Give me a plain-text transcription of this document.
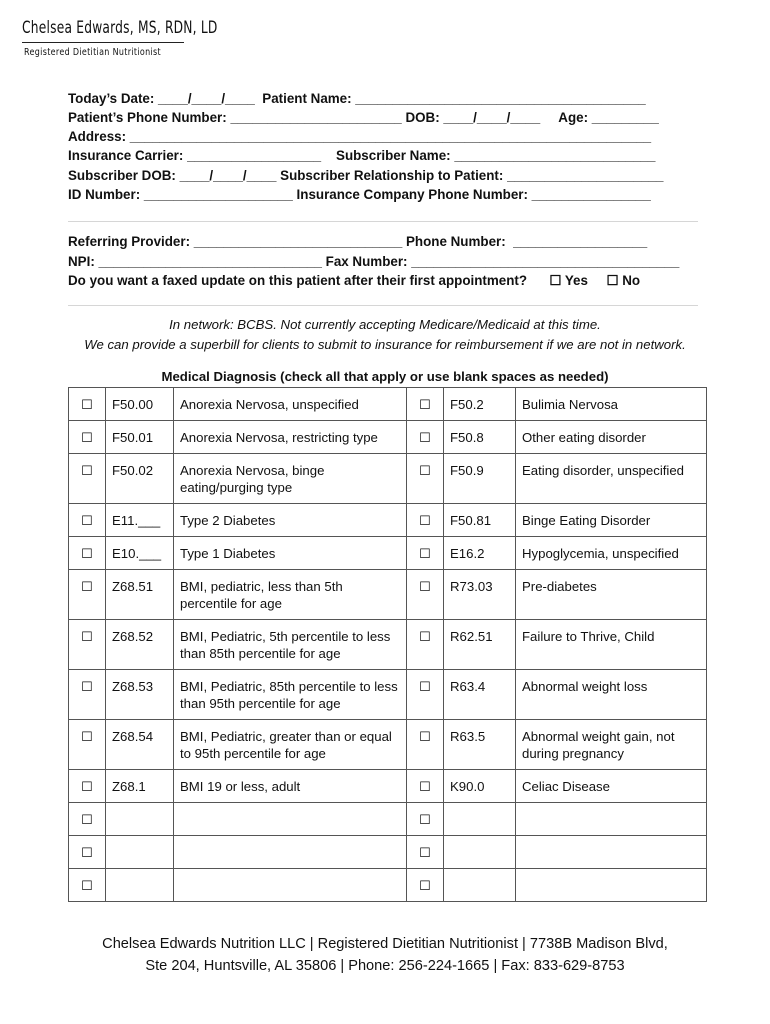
Chelsea Edwards, MS, RDN, LD
Registered Dietitian Nutritionist
Today’s Date: ____/____/____  Patient Name: _______________________________________
Patient’s Phone Number: _______________________ DOB: ____/____/____     Age: _________
Address: ______________________________________________________________________
Insurance Carrier: __________________    Subscriber Name: ___________________________
Subscriber DOB: ____/____/____ Subscriber Relationship to Patient: _____________________
ID Number: ____________________ Insurance Company Phone Number: ________________
Referring Provider: ____________________________ Phone Number:  __________________
NPI: ______________________________ Fax Number: ____________________________________
Do you want a faxed update on this patient after their first appointment?      ☐ Yes     ☐ No
In network: BCBS. Not currently accepting Medicare/Medicaid at this time.
We can provide a superbill for clients to submit to insurance for reimbursement if we are not in network.
Medical Diagnosis (check all that apply or use blank spaces as needed)
☐	F50.00	Anorexia Nervosa, unspecified	☐	F50.2	Bulimia Nervosa
☐	F50.01	Anorexia Nervosa, restricting type	☐	F50.8	Other eating disorder
☐	F50.02	Anorexia Nervosa, binge eating/purging type	☐	F50.9	Eating disorder, unspecified
☐	E11.___	Type 2 Diabetes	☐	F50.81	Binge Eating Disorder
☐	E10.___	Type 1 Diabetes	☐	E16.2	Hypoglycemia, unspecified
☐	Z68.51	BMI, pediatric, less than 5th percentile for age	☐	R73.03	Pre-diabetes
☐	Z68.52	BMI, Pediatric, 5th percentile to less than 85th percentile for age	☐	R62.51	Failure to Thrive, Child
☐	Z68.53	BMI, Pediatric, 85th percentile to less than 95th percentile for age	☐	R63.4	Abnormal weight loss
☐	Z68.54	BMI, Pediatric, greater than or equal to 95th percentile for age	☐	R63.5	Abnormal weight gain, not during pregnancy
☐	Z68.1	BMI 19 or less, adult	☐	K90.0	Celiac Disease
☐			☐		
☐			☐		
☐			☐		
Chelsea Edwards Nutrition LLC | Registered Dietitian Nutritionist | 7738B Madison Blvd,
Ste 204, Huntsville, AL 35806 | Phone: 256-224-1665 | Fax: 833-629-8753
